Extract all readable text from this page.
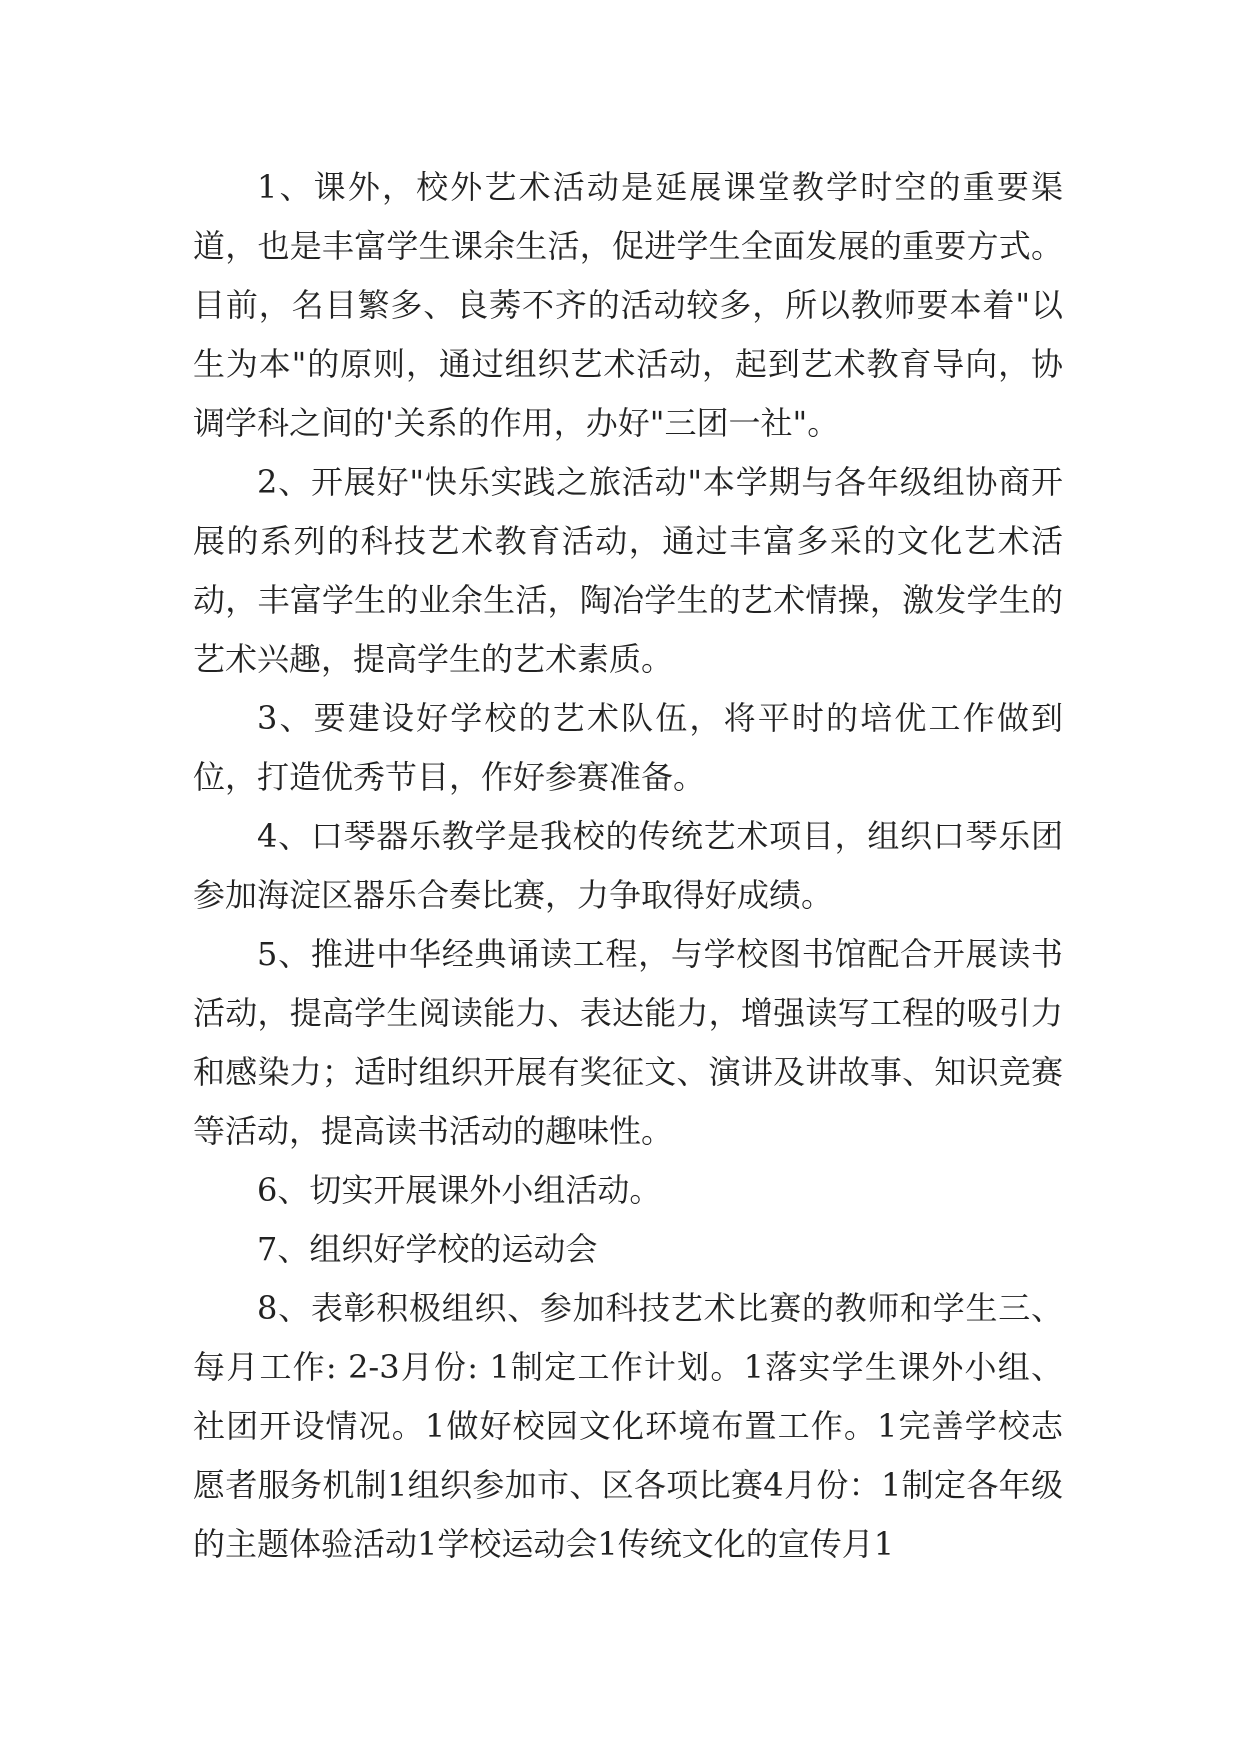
1、课外，校外艺术活动是延展课堂教学时空的重要渠道，也是丰富学生课余生活，促进学生全面发展的重要方式。目前，名目繁多、良莠不齐的活动较多，所以教师要本着"以生为本"的原则，通过组织艺术活动，起到艺术教育导向，协调学科之间的'关系的作用，办好"三团一社"。

2、开展好"快乐实践之旅活动"本学期与各年级组协商开展的系列的科技艺术教育活动，通过丰富多采的文化艺术活动，丰富学生的业余生活，陶冶学生的艺术情操，激发学生的艺术兴趣，提高学生的艺术素质。

3、要建设好学校的艺术队伍，将平时的培优工作做到位，打造优秀节目，作好参赛准备。

4、口琴器乐教学是我校的传统艺术项目，组织口琴乐团参加海淀区器乐合奏比赛，力争取得好成绩。

5、推进中华经典诵读工程，与学校图书馆配合开展读书活动，提高学生阅读能力、表达能力，增强读写工程的吸引力和感染力；适时组织开展有奖征文、演讲及讲故事、知识竞赛等活动，提高读书活动的趣味性。

6、切实开展课外小组活动。

7、组织好学校的运动会

8、表彰积极组织、参加科技艺术比赛的教师和学生三、每月工作: 2-3月份: 1制定工作计划。1落实学生课外小组、社团开设情况。1做好校园文化环境布置工作。1完善学校志愿者服务机制1组织参加市、区各项比赛4月份：1制定各年级的主题体验活动1学校运动会1传统文化的宣传月1
